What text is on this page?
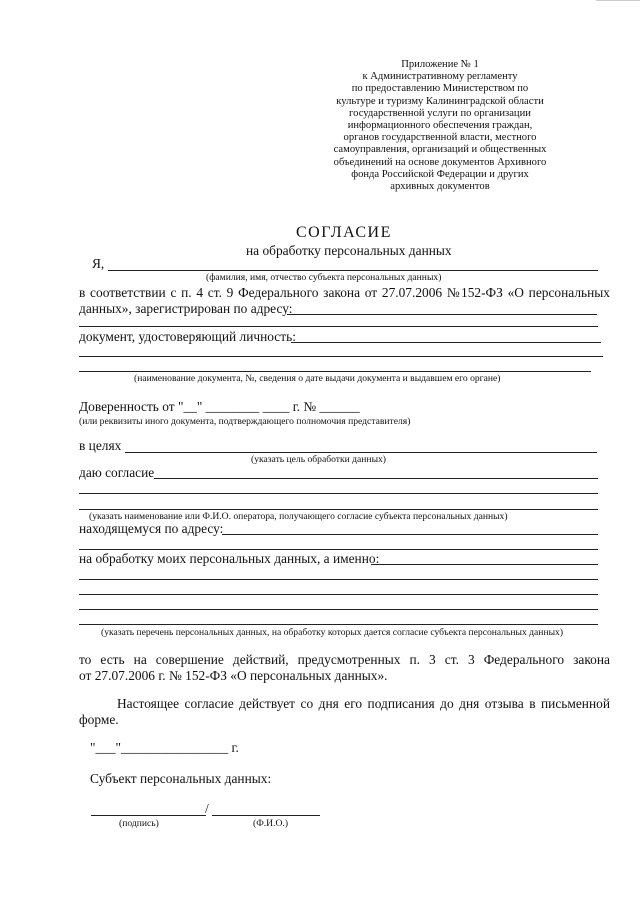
Приложение № 1
к Административному регламенту
по предоставлению Министерством по
культуре и туризму Калининградской области
государственной услуги по организации
информационного обеспечения граждан,
органов государственной власти, местного
самоуправления, организаций и общественных
объединений на основе документов Архивного
фонда Российской Федерации и других
архивных документов
СОГЛАСИЕ
на обработку персональных данных
Я,
(фамилия, имя, отчество субъекта персональных данных)
в соответствии с п. 4 ст. 9 Федерального закона от 27.07.2006 №152-ФЗ «О персональных
данных», зарегистрирован по адресу:
документ, удостоверяющий личность:
(наименование документа, №, сведения о дате выдачи документа и выдавшем его органе)
Доверенность от "__" ________ ____ г. № ______
(или реквизиты иного документа, подтверждающего полномочия представителя)
в целях
(указать цель обработки данных)
даю согласие
(указать наименование или Ф.И.О. оператора, получающего согласие субъекта персональных данных)
находящемуся по адресу:
на обработку моих персональных данных, а именно:
(указать перечень персональных данных, на обработку которых дается согласие субъекта персональных данных)
то есть на совершение действий, предусмотренных п. 3 ст. 3 Федерального закона
от 27.07.2006 г. № 152-ФЗ «О персональных данных».
Настоящее согласие действует со дня его подписания до дня отзыва в письменной
форме.
"___"________________ г.
Субъект персональных данных:
/
(подпись)	(Ф.И.О.)
